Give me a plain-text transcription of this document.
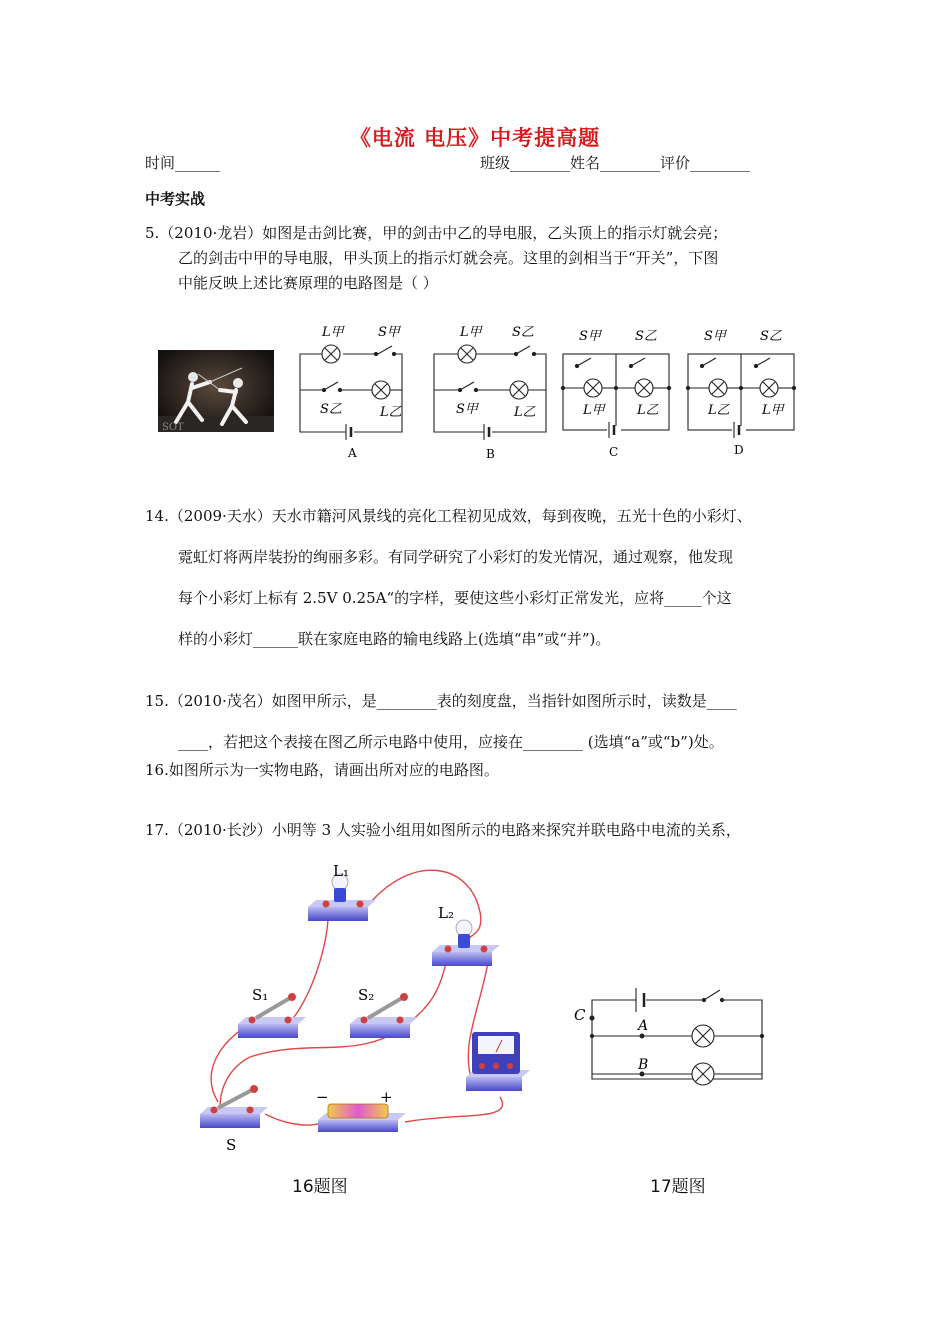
《电流 电压》中考提高题
时间______	班级________姓名________评价________
中考实战

5.（2010·龙岩）如图是击剑比赛，甲的剑击中乙的导电服，乙头顶上的指示灯就会亮；

乙的剑击中甲的导电服，甲头顶上的指示灯就会亮。这里的剑相当于“开关”，下图

中能反映上述比赛原理的电路图是（ ）

SOT
L甲	S甲
S乙	L乙
A
L甲 S乙
S甲	L乙
B
S甲	S乙
L甲 L乙
C
S甲	S乙
L乙 L甲
D

14.（2009·天水）天水市籍河风景线的亮化工程初见成效，每到夜晚，五光十色的小彩灯、

霓虹灯将两岸装扮的绚丽多彩。有同学研究了小彩灯的发光情况，通过观察，他发现

每个小彩灯上标有 2.5V 0.25A“的字样，要使这些小彩灯正常发光，应将_____个这

样的小彩灯______联在家庭电路的输电线路上(选填“串”或“并”)。

15.（2010·茂名）如图甲所示，是________表的刻度盘，当指针如图所示时，读数是____

____，若把这个表接在图乙所示电路中使用，应接在________ (选填“a”或“b”)处。

16.如图所示为一实物电路，请画出所对应的电路图。
17.（2010·长沙）小明等 3 人实验小组用如图所示的电路来探究并联电路中电流的关系，
L₁
L₂
S₁	S₂
S
−	+
16题图
C
A
B
17题图
